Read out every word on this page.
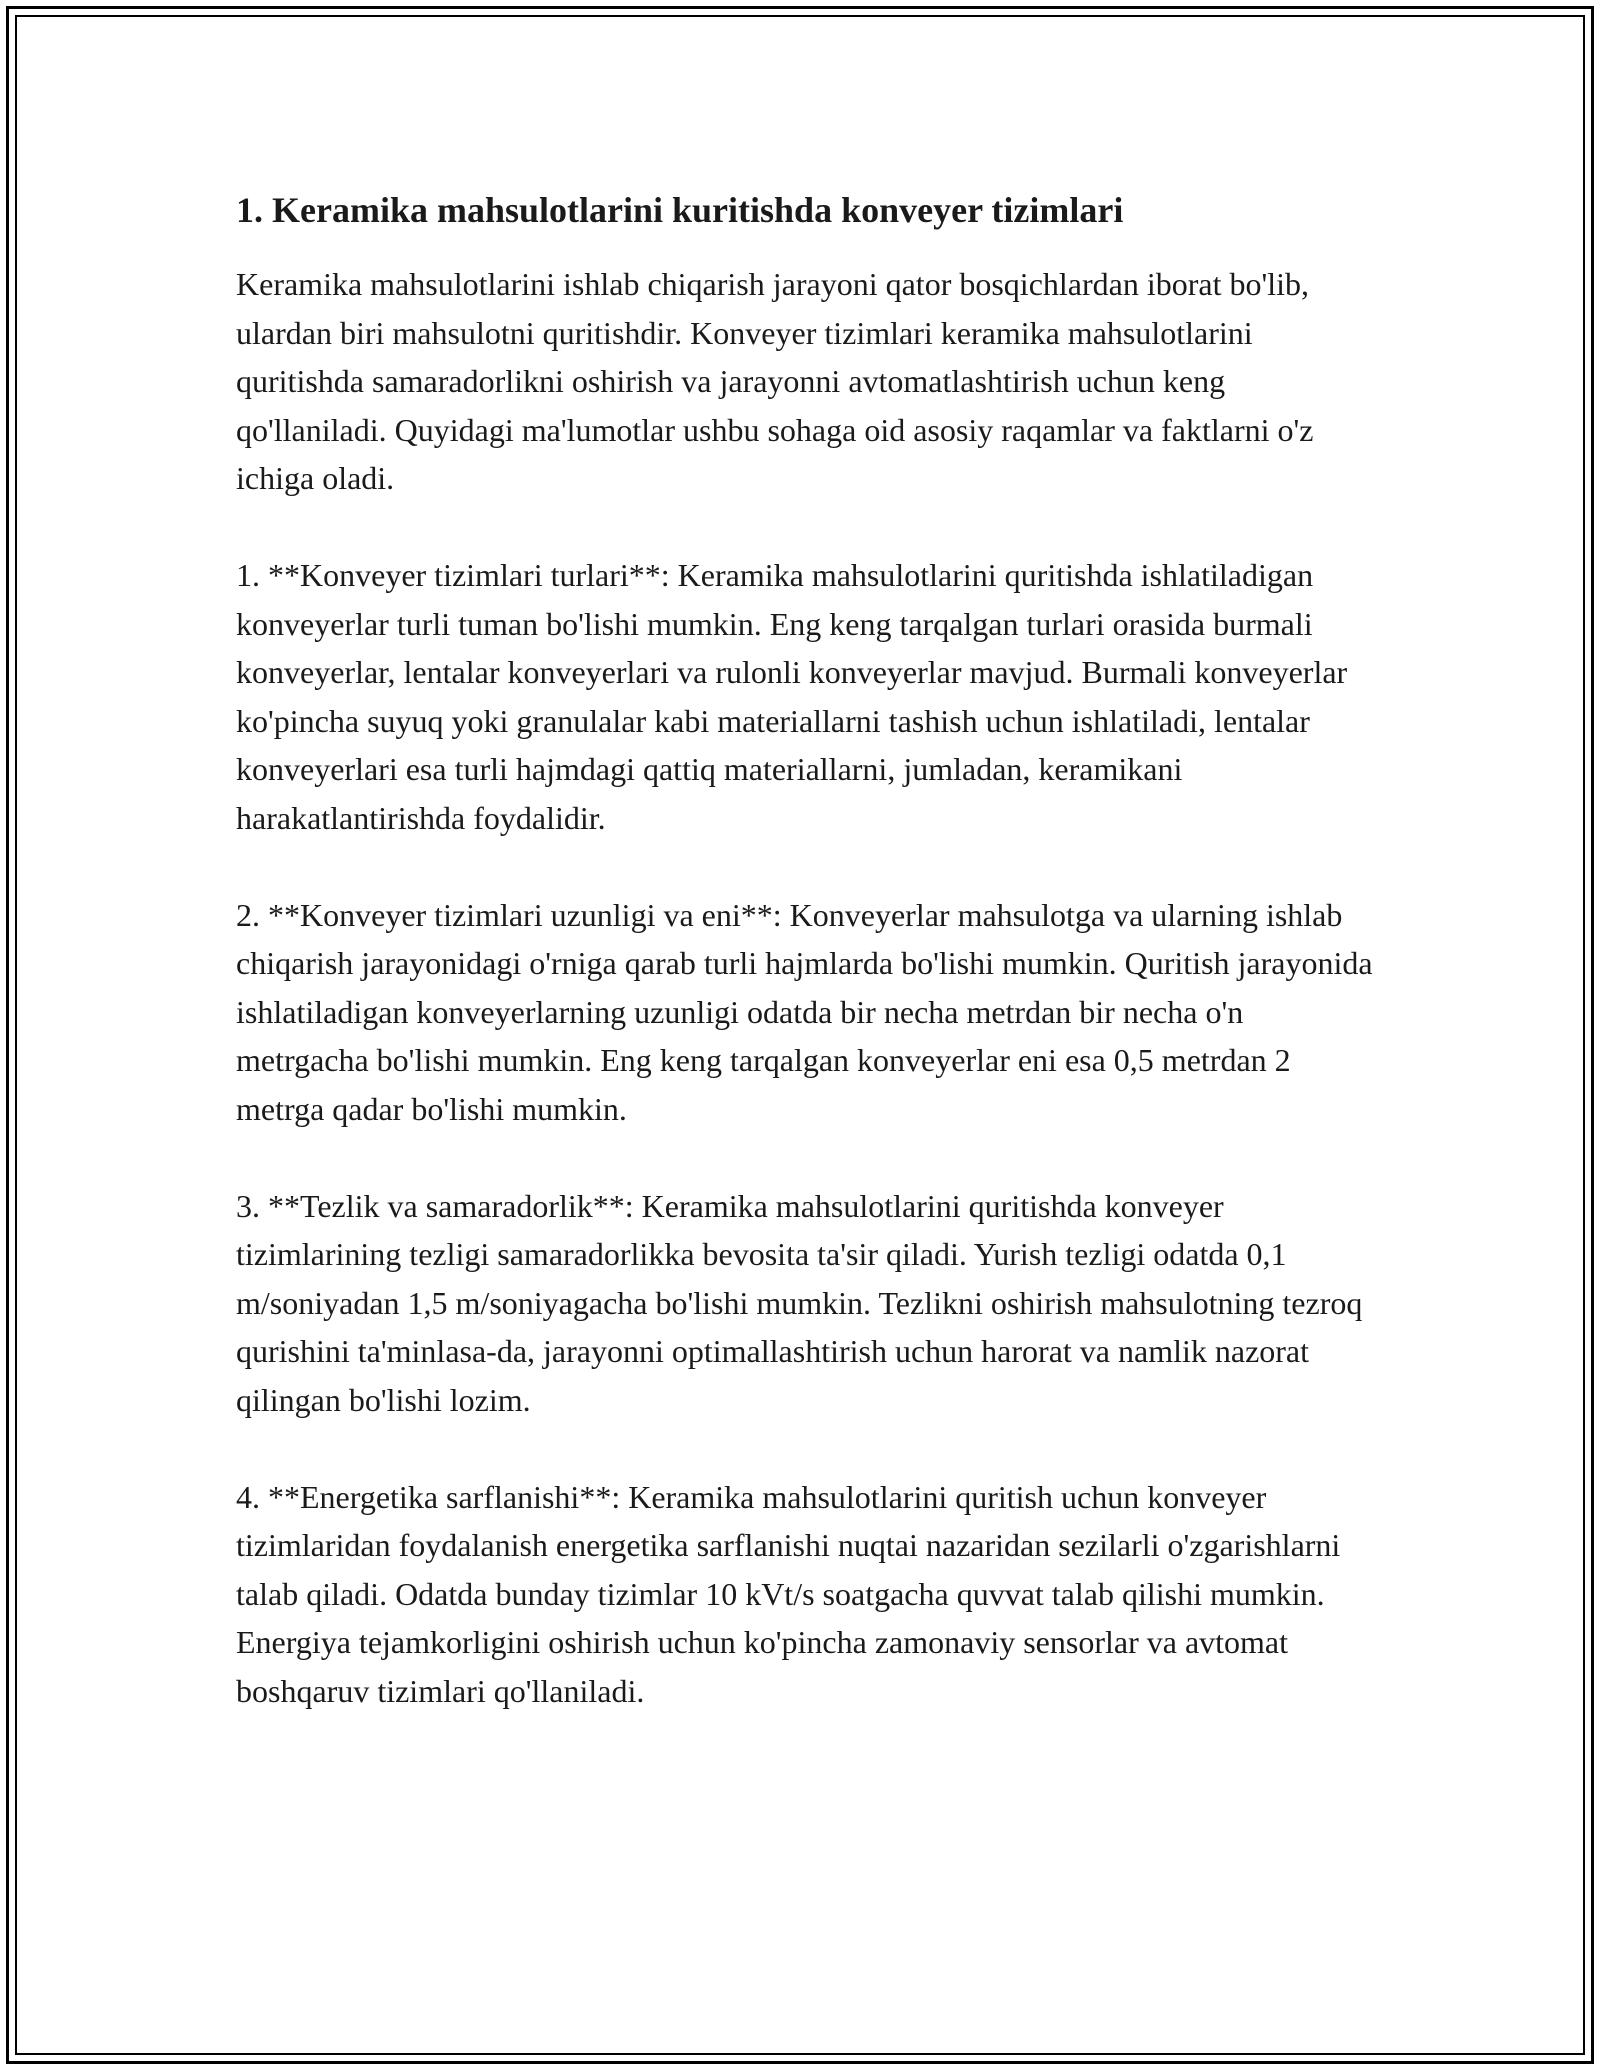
1. Keramika mahsulotlarini kuritishda konveyer tizimlari

Keramika mahsulotlarini ishlab chiqarish jarayoni qator bosqichlardan iborat bo'lib, ulardan biri mahsulotni quritishdir. Konveyer tizimlari keramika mahsulotlarini quritishda samaradorlikni oshirish va jarayonni avtomatlashtirish uchun keng qo'llaniladi. Quyidagi ma'lumotlar ushbu sohaga oid asosiy raqamlar va faktlarni o'z ichiga oladi.

1. **Konveyer tizimlari turlari**: Keramika mahsulotlarini quritishda ishlatiladigan konveyerlar turli tuman bo'lishi mumkin. Eng keng tarqalgan turlari orasida burmali konveyerlar, lentalar konveyerlari va rulonli konveyerlar mavjud. Burmali konveyerlar ko'pincha suyuq yoki granulalar kabi materiallarni tashish uchun ishlatiladi, lentalar konveyerlari esa turli hajmdagi qattiq materiallarni, jumladan, keramikani harakatlantirishda foydalidir.

2. **Konveyer tizimlari uzunligi va eni**: Konveyerlar mahsulotga va ularning ishlab chiqarish jarayonidagi o'rniga qarab turli hajmlarda bo'lishi mumkin. Quritish jarayonida ishlatiladigan konveyerlarning uzunligi odatda bir necha metrdan bir necha o'n metrgacha bo'lishi mumkin. Eng keng tarqalgan konveyerlar eni esa 0,5 metrdan 2 metrga qadar bo'lishi mumkin.

3. **Tezlik va samaradorlik**: Keramika mahsulotlarini quritishda konveyer tizimlarining tezligi samaradorlikka bevosita ta'sir qiladi. Yurish tezligi odatda 0,1 m/soniyadan 1,5 m/soniyagacha bo'lishi mumkin. Tezlikni oshirish mahsulotning tezroq qurishini ta'minlasa-da, jarayonni optimallashtirish uchun harorat va namlik nazorat qilingan bo'lishi lozim.

4. **Energetika sarflanishi**: Keramika mahsulotlarini quritish uchun konveyer tizimlaridan foydalanish energetika sarflanishi nuqtai nazaridan sezilarli o'zgarishlarni talab qiladi. Odatda bunday tizimlar 10 kVt/s soatgacha quvvat talab qilishi mumkin. Energiya tejamkorligini oshirish uchun ko'pincha zamonaviy sensorlar va avtomat boshqaruv tizimlari qo'llaniladi.
